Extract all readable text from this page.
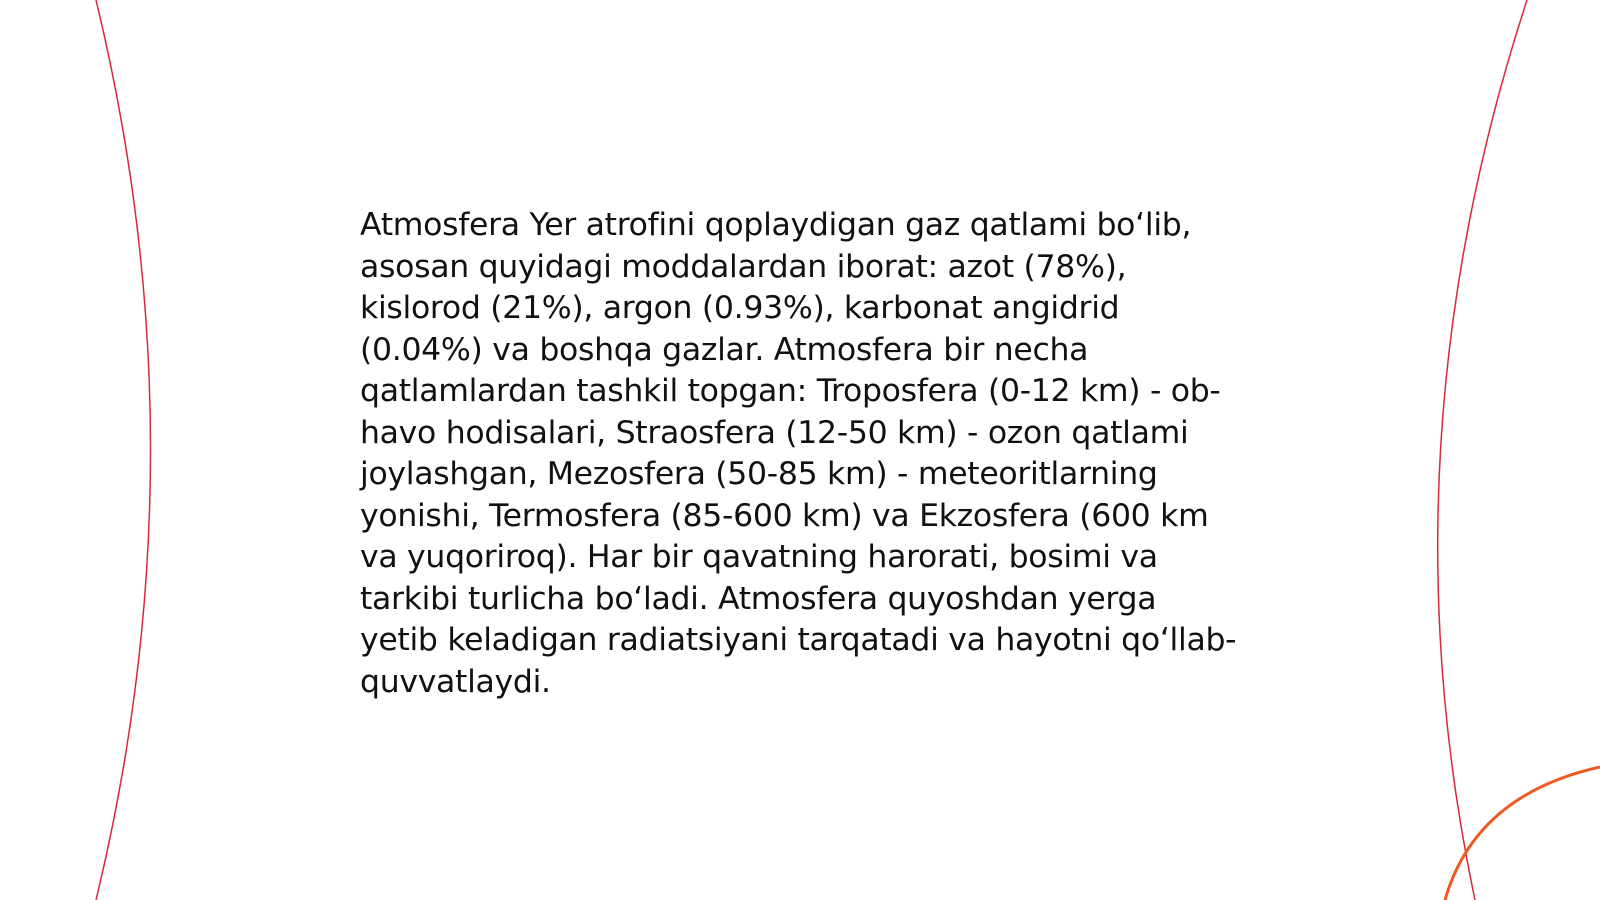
Atmosfera Yer atrofini qoplaydigan gaz qatlami bo‘lib, asosan quyidagi moddalardan iborat: azot (78%), kislorod (21%), argon (0.93%), karbonat angidrid (0.04%) va boshqa gazlar. Atmosfera bir necha qatlamlardan tashkil topgan: Troposfera (0-12 km) - ob-havo hodisalari, Straosfera (12-50 km) - ozon qatlami joylashgan, Mezosfera (50-85 km) - meteoritlarning yonishi, Termosfera (85-600 km) va Ekzosfera (600 km va yuqoriroq). Har bir qavatning harorati, bosimi va tarkibi turlicha bo‘ladi. Atmosfera quyoshdan yerga yetib keladigan radiatsiyani tarqatadi va hayotni qo‘llab-quvvatlaydi.
